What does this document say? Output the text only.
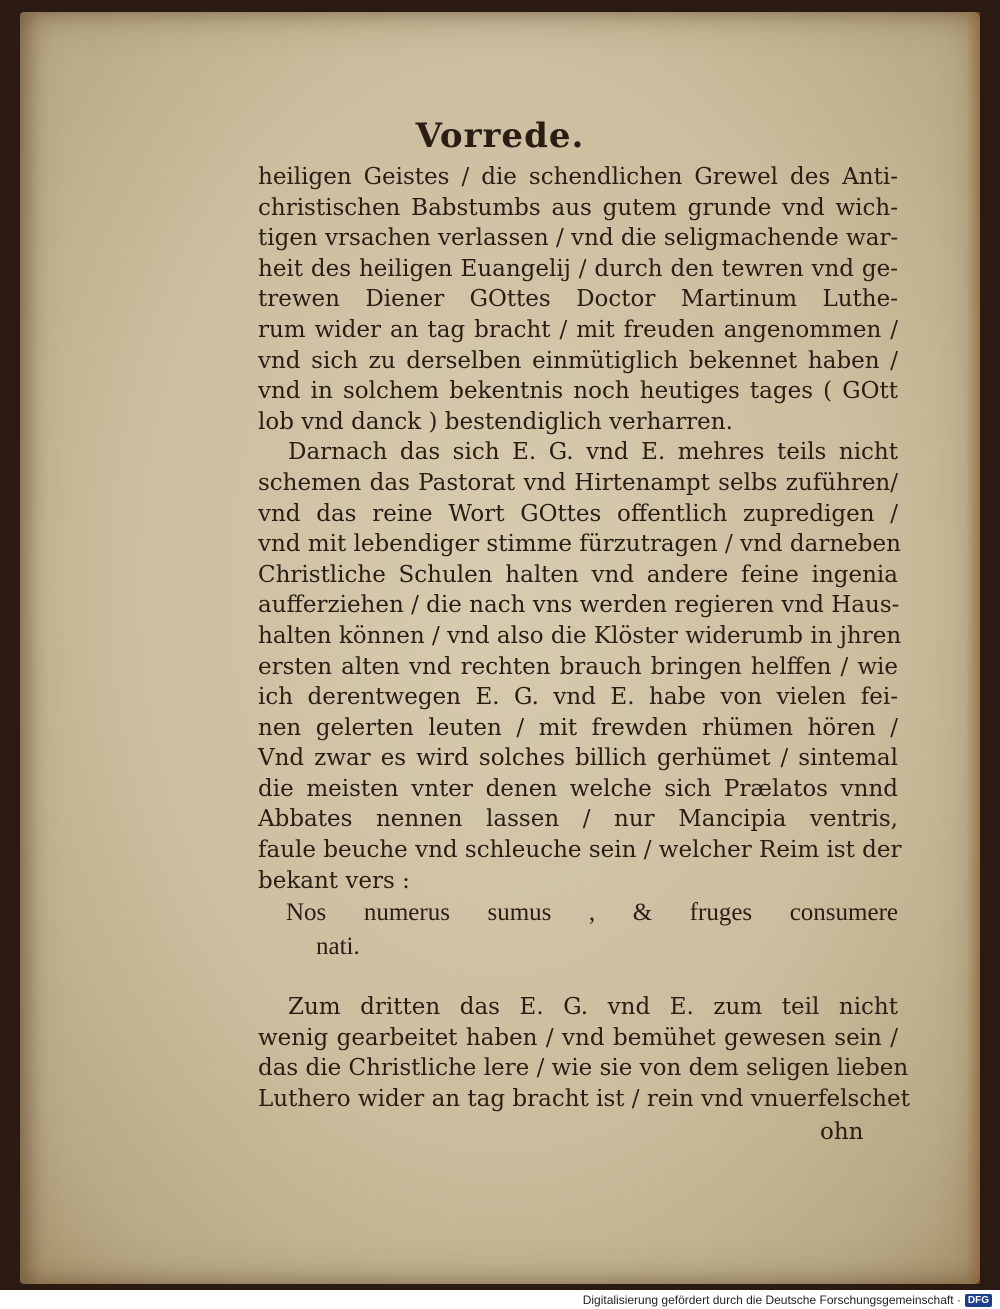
Vorrede.
heiligen Geistes / die schendlichen Grewel des Anti-
christischen Babstumbs aus gutem grunde vnd wich-
tigen vrsachen verlassen / vnd die seligmachende war-
heit des heiligen Euangelij / durch den tewren vnd ge-
trewen Diener GOttes Doctor Martinum Luthe-
rum wider an tag bracht / mit freuden angenommen /
vnd sich zu derselben einmütiglich bekennet haben /
vnd in solchem bekentnis noch heutiges tages ( GOtt
lob vnd danck ) bestendiglich verharren.
Darnach das sich E. G. vnd E. mehres teils nicht
schemen das Pastorat vnd Hirtenampt selbs zuführen/
vnd das reine Wort GOttes offentlich zupredigen /
vnd mit lebendiger stimme fürzutragen / vnd darneben
Christliche Schulen halten vnd andere feine ingenia
aufferziehen / die nach vns werden regieren vnd Haus-
halten können / vnd also die Klöster widerumb in jhren
ersten alten vnd rechten brauch bringen helffen / wie
ich derentwegen E. G. vnd E. habe von vielen fei-
nen gelerten leuten / mit frewden rhümen hören /
Vnd zwar es wird solches billich gerhümet / sintemal
die meisten vnter denen welche sich Prælatos vnnd
Abbates nennen lassen / nur Mancipia ventris,
faule beuche vnd schleuche sein / welcher Reim ist der
bekant vers :
Nos numerus sumus , & fruges consumere
nati.
Zum dritten das E. G. vnd E. zum teil nicht
wenig gearbeitet haben / vnd bemühet gewesen sein /
das die Christliche lere / wie sie von dem seligen lieben
Luthero wider an tag bracht ist / rein vnd vnuerfelschet
ohn
Digitalisierung gefördert durch die Deutsche Forschungsgemeinschaft · DFG
